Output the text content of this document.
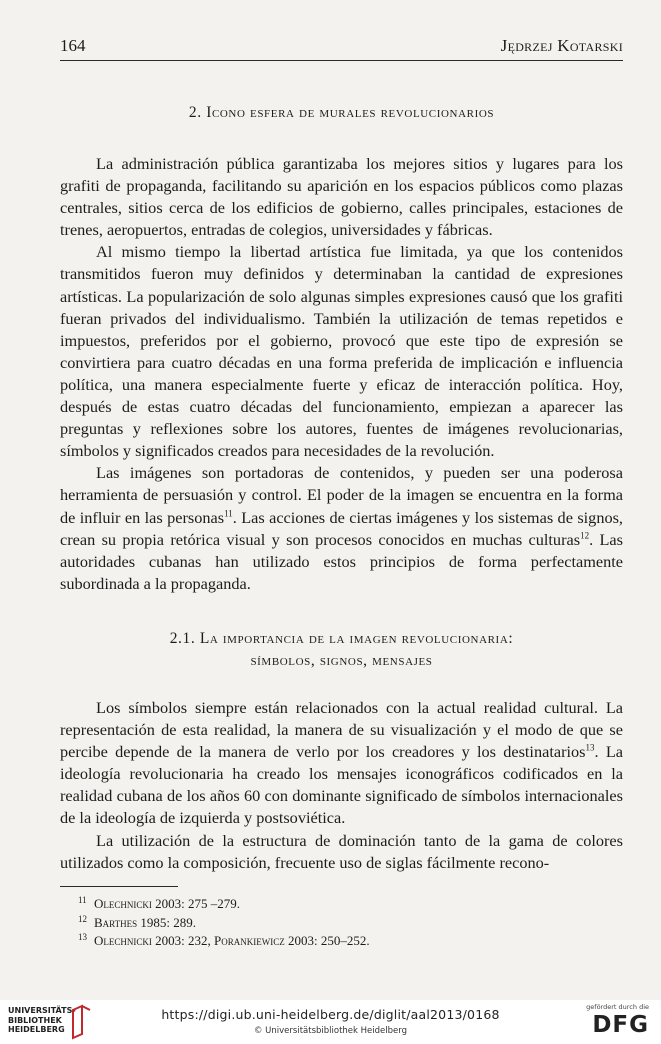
164	Jędrzej Kotarski
2. Icono esfera de murales revolucionarios

La administración pública garantizaba los mejores sitios y lugares para los grafiti de propaganda, facilitando su aparición en los espacios públicos como plazas centrales, sitios cerca de los edificios de gobierno, calles principales, estaciones de trenes, aeropuertos, entradas de colegios, universidades y fábricas.

Al mismo tiempo la libertad artística fue limitada, ya que los contenidos transmitidos fueron muy definidos y determinaban la cantidad de expresiones artísticas. La popularización de solo algunas simples expresiones causó que los grafiti fueran privados del individualismo. También la utilización de temas repetidos e impuestos, preferidos por el gobierno, provocó que este tipo de expresión se convirtiera para cuatro décadas en una forma preferida de implicación e influencia política, una manera especialmente fuerte y eficaz de interacción política. Hoy, después de estas cuatro décadas del funcionamiento, empiezan a aparecer las preguntas y reflexiones sobre los autores, fuentes de imágenes revolucionarias, símbolos y significados creados para necesidades de la revolución.

Las imágenes son portadoras de contenidos, y pueden ser una poderosa herramienta de persuasión y control. El poder de la imagen se encuentra en la forma de influir en las personas$^{11}$. Las acciones de ciertas imágenes y los sistemas de signos, crean su propia retórica visual y son procesos conocidos en muchas culturas$^{12}$. Las autoridades cubanas han utilizado estos principios de forma perfectamente subordinada a la propaganda.

2.1. La importancia de la imagen revolucionaria:
símbolos, signos, mensajes

Los símbolos siempre están relacionados con la actual realidad cultural. La representación de esta realidad, la manera de su visualización y el modo de que se percibe depende de la manera de verlo por los creadores y los destinatarios$^{13}$. La ideología revolucionaria ha creado los mensajes iconográficos codificados en la realidad cubana de los años 60 con dominante significado de símbolos internacionales de la ideología de izquierda y postsoviética.

La utilización de la estructura de dominación tanto de la gama de colores utilizados como la composición, frecuente uso de siglas fácilmente recono-

11 Olechnicki 2003: 275 –279.
12 Barthes 1985: 289.
13 Olechnicki 2003: 232, Porankiewicz 2003: 250–252.
UNIVERSITÄTS-
BIBLIOTHEK
HEIDELBERG
https://digi.ub.uni-heidelberg.de/diglit/aal2013/0168
© Universitätsbibliothek Heidelberg
gefördert durch die
DFG
